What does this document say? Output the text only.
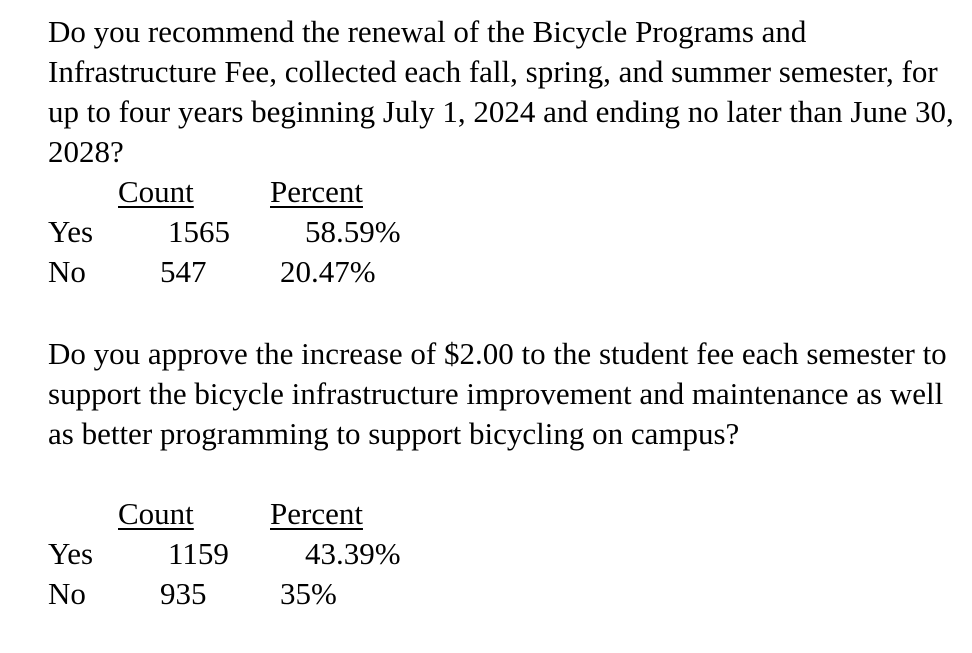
Do you recommend the renewal of the Bicycle Programs and Infrastructure Fee, collected each fall, spring, and summer semester, for up to four years beginning July 1, 2024 and ending no later than June 30, 2028?

Count Percent
Yes 1565 58.59%
No 547 20.47%

Do you approve the increase of $2.00 to the student fee each semester to support the bicycle infrastructure improvement and maintenance as well as better programming to support bicycling on campus?

Count Percent
Yes 1159 43.39%
No 935 35%
